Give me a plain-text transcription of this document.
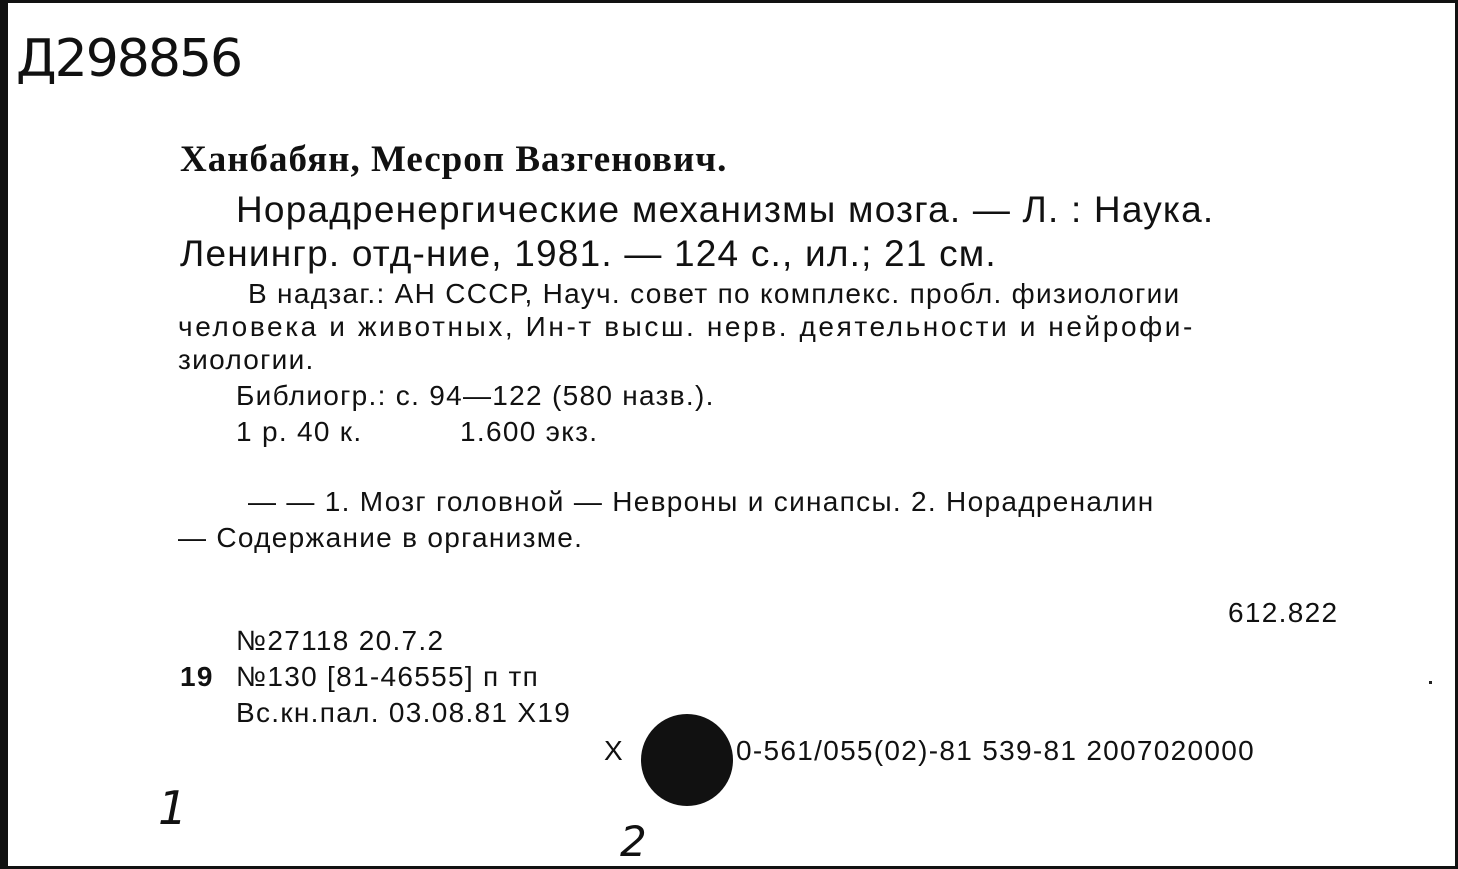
Д298856
Ханбабян, Месроп Вазгенович.
Норадренергические механизмы мозга. — Л. : Наука.
Ленингр. отд-ние, 1981. — 124 с., ил.; 21 см.
В надзаг.: АН СССР, Науч. совет по комплекс. пробл. физиологии
человека и животных, Ин-т высш. нерв. деятельности и нейрофи-
зиологии.
Библиогр.: с. 94—122 (580 назв.).
1 р. 40 к.	1.600 экз.
— — 1. Мозг головной — Невроны и синапсы. 2. Норадреналин
— Содержание в организме.
612.822
№27118 20.7.2
19 №130 [81-46555] п тп
Вс.кн.пал. 03.08.81 Х19
Х	0-561/055(02)-81 539-81 2007020000
1
2
